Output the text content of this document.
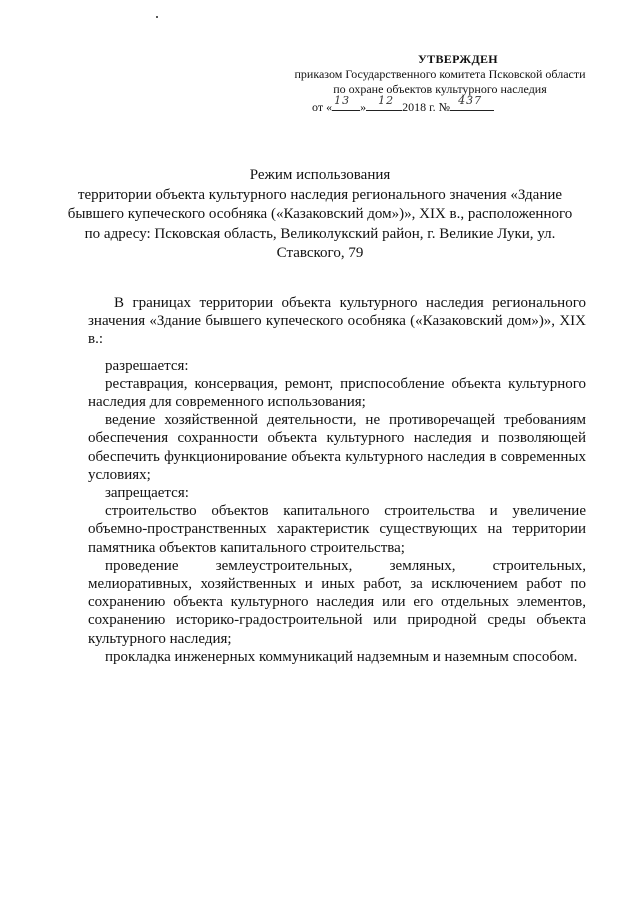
УТВЕРЖДЕН
приказом Государственного комитета Псковской области
по охране объектов культурного наследия
от « 13 » 12 2018 г. № 437
Режим использования
территории объекта культурного наследия регионального значения «Здание бывшего купеческого особняка («Казаковский дом»)», XIX в., расположенного по адресу: Псковская область, Великолукский район, г. Великие Луки, ул. Ставского, 79

В границах территории объекта культурного наследия регионального значения «Здание бывшего купеческого особняка («Казаковский дом»)», XIX в.:

разрешается:

реставрация, консервация, ремонт, приспособление объекта культурного наследия для современного использования;

ведение хозяйственной деятельности, не противоречащей требованиям обеспечения сохранности объекта культурного наследия и позволяющей обеспечить функционирование объекта культурного наследия в современных условиях;

запрещается:

строительство объектов капитального строительства и увеличение объемно-пространственных характеристик существующих на территории памятника объектов капитального строительства;

проведение землеустроительных, земляных, строительных, мелиоративных, хозяйственных и иных работ, за исключением работ по сохранению объекта культурного наследия или его отдельных элементов, сохранению историко-градостроительной или природной среды объекта культурного наследия;

прокладка инженерных коммуникаций надземным и наземным способом.
